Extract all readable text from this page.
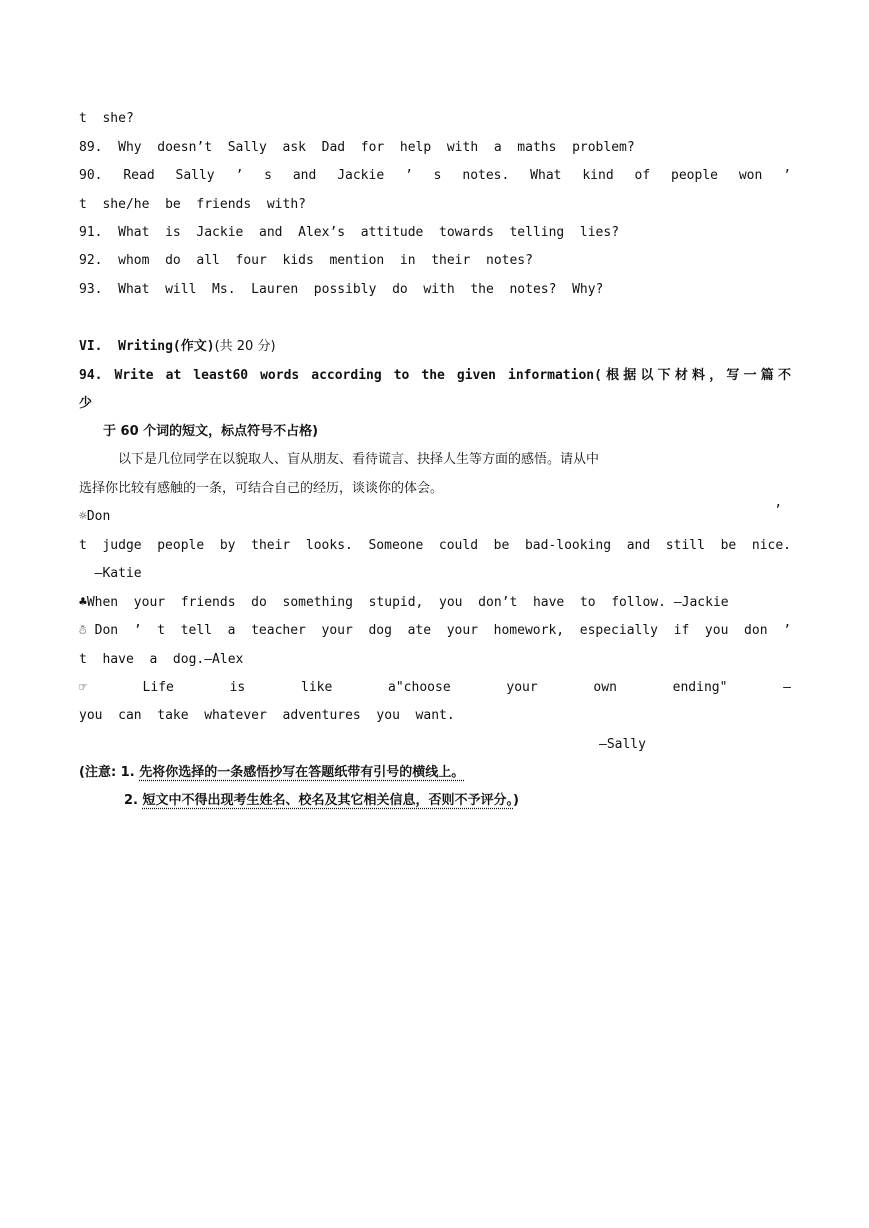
t  she?
89.  Why  doesn’t  Sally  ask  Dad  for  help  with  a  maths  problem?
90. Read Sally ’ s and Jackie ’ s notes. What kind of people won ’
t  she/he  be  friends  with?
91.  What  is  Jackie  and  Alex’s  attitude  towards  telling  lies?
92.  whom  do  all  four  kids  mention  in  their  notes?
93.  What  will  Ms.  Lauren  possibly  do  with  the  notes?  Why?
VI.  Writing(作文)(共 20 分)
94. Write at least60 words according to the given information(根据以下材料，写一篇不
少
于 60 个词的短文，标点符号不占格)
以下是几位同学在以貌取人、盲从朋友、看待谎言、抉择人生等方面的感悟。请从中
选择你比较有感触的一条，可结合自己的经历，谈谈你的体会。
☼Don	’
t judge people by their looks. Someone could be bad-looking and still be nice.
—Katie
♣When  your  friends  do  something  stupid,  you  don’t  have  to  follow. —Jackie
☃Don ’ t tell a teacher your dog ate your homework, especially if you don ’
t  have  a  dog.—Alex
☞ Life is like a"choose your own ending" —
you  can  take  whatever  adventures  you  want.
—Sally
(注意: 1. 先将你选择的一条感悟抄写在答题纸带有引号的横线上。
2. 短文中不得出现考生姓名、校名及其它相关信息，否则不予评分。)
